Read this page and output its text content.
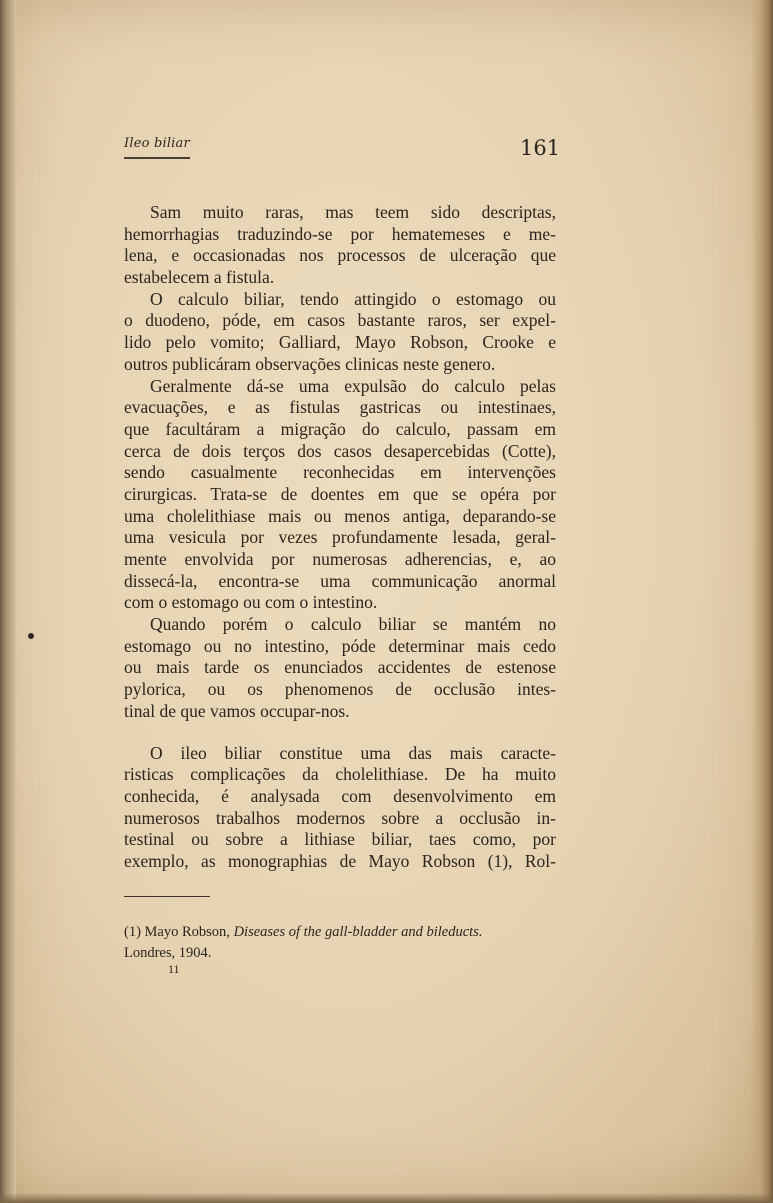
Ileo biliar	161
Sam muito raras, mas teem sido descriptas,
hemorrhagias traduzindo-se por hematemeses e me-
lena, e occasionadas nos processos de ulceração que
estabelecem a fistula.
O calculo biliar, tendo attingido o estomago ou
o duodeno, póde, em casos bastante raros, ser expel-
lido pelo vomito; Galliard, Mayo Robson, Crooke e
outros publicáram observações clinicas neste genero.
Geralmente dá-se uma expulsão do calculo pelas
evacuações, e as fistulas gastricas ou intestinaes,
que facultáram a migração do calculo, passam em
cerca de dois terços dos casos desapercebidas (Cotte),
sendo casualmente reconhecidas em intervenções
cirurgicas. Trata-se de doentes em que se opéra por
uma cholelithiase mais ou menos antiga, deparando-se
uma vesicula por vezes profundamente lesada, geral-
mente envolvida por numerosas adherencias, e, ao
dissecá-la, encontra-se uma communicação anormal
com o estomago ou com o intestino.
Quando porém o calculo biliar se mantém no
estomago ou no intestino, póde determinar mais cedo
ou mais tarde os enunciados accidentes de estenose
pylorica, ou os phenomenos de occlusão intes-
tinal de que vamos occupar-nos.
O ileo biliar constitue uma das mais caracte-
risticas complicações da cholelithiase. De ha muito
conhecida, é analysada com desenvolvimento em
numerosos trabalhos modernos sobre a occlusão in-
testinal ou sobre a lithiase biliar, taes como, por
exemplo, as monographias de Mayo Robson (1), Rol-
(1) Mayo Robson, Diseases of the gall-bladder and bileducts.
Londres, 1904.
11
